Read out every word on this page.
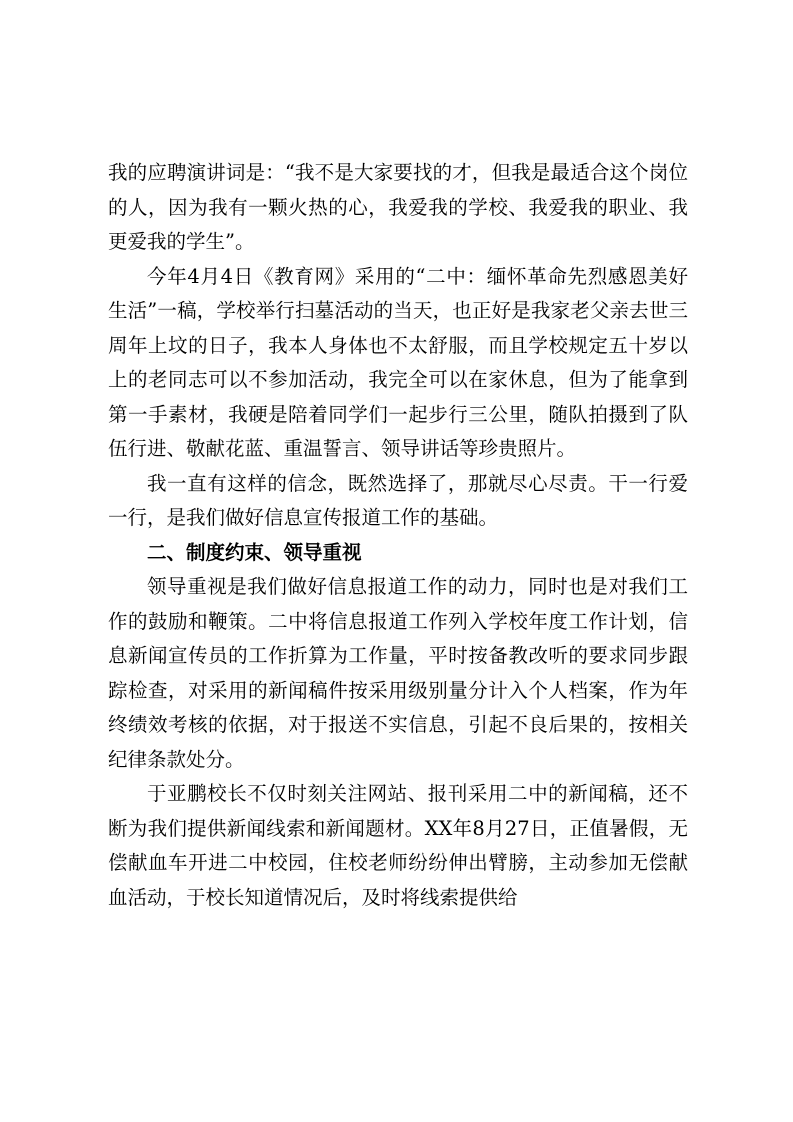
我的应聘演讲词是：“我不是大家要找的才，但我是最适合这个岗位的人，因为我有一颗火热的心，我爱我的学校、我爱我的职业、我更爱我的学生”。

今年4月4日《教育网》采用的“二中：缅怀革命先烈感恩美好生活”一稿，学校举行扫墓活动的当天，也正好是我家老父亲去世三周年上坟的日子，我本人身体也不太舒服，而且学校规定五十岁以上的老同志可以不参加活动，我完全可以在家休息，但为了能拿到第一手素材，我硬是陪着同学们一起步行三公里，随队拍摄到了队伍行进、敬献花蓝、重温誓言、领导讲话等珍贵照片。

我一直有这样的信念，既然选择了，那就尽心尽责。干一行爱一行，是我们做好信息宣传报道工作的基础。

二、制度约束、领导重视

领导重视是我们做好信息报道工作的动力，同时也是对我们工作的鼓励和鞭策。二中将信息报道工作列入学校年度工作计划，信息新闻宣传员的工作折算为工作量，平时按备教改听的要求同步跟踪检查，对采用的新闻稿件按采用级别量分计入个人档案，作为年终绩效考核的依据，对于报送不实信息，引起不良后果的，按相关纪律条款处分。

于亚鹏校长不仅时刻关注网站、报刊采用二中的新闻稿，还不断为我们提供新闻线索和新闻题材。XX年8月27日，正值暑假，无偿献血车开进二中校园，住校老师纷纷伸出臂膀，主动参加无偿献血活动，于校长知道情况后，及时将线索提供给
